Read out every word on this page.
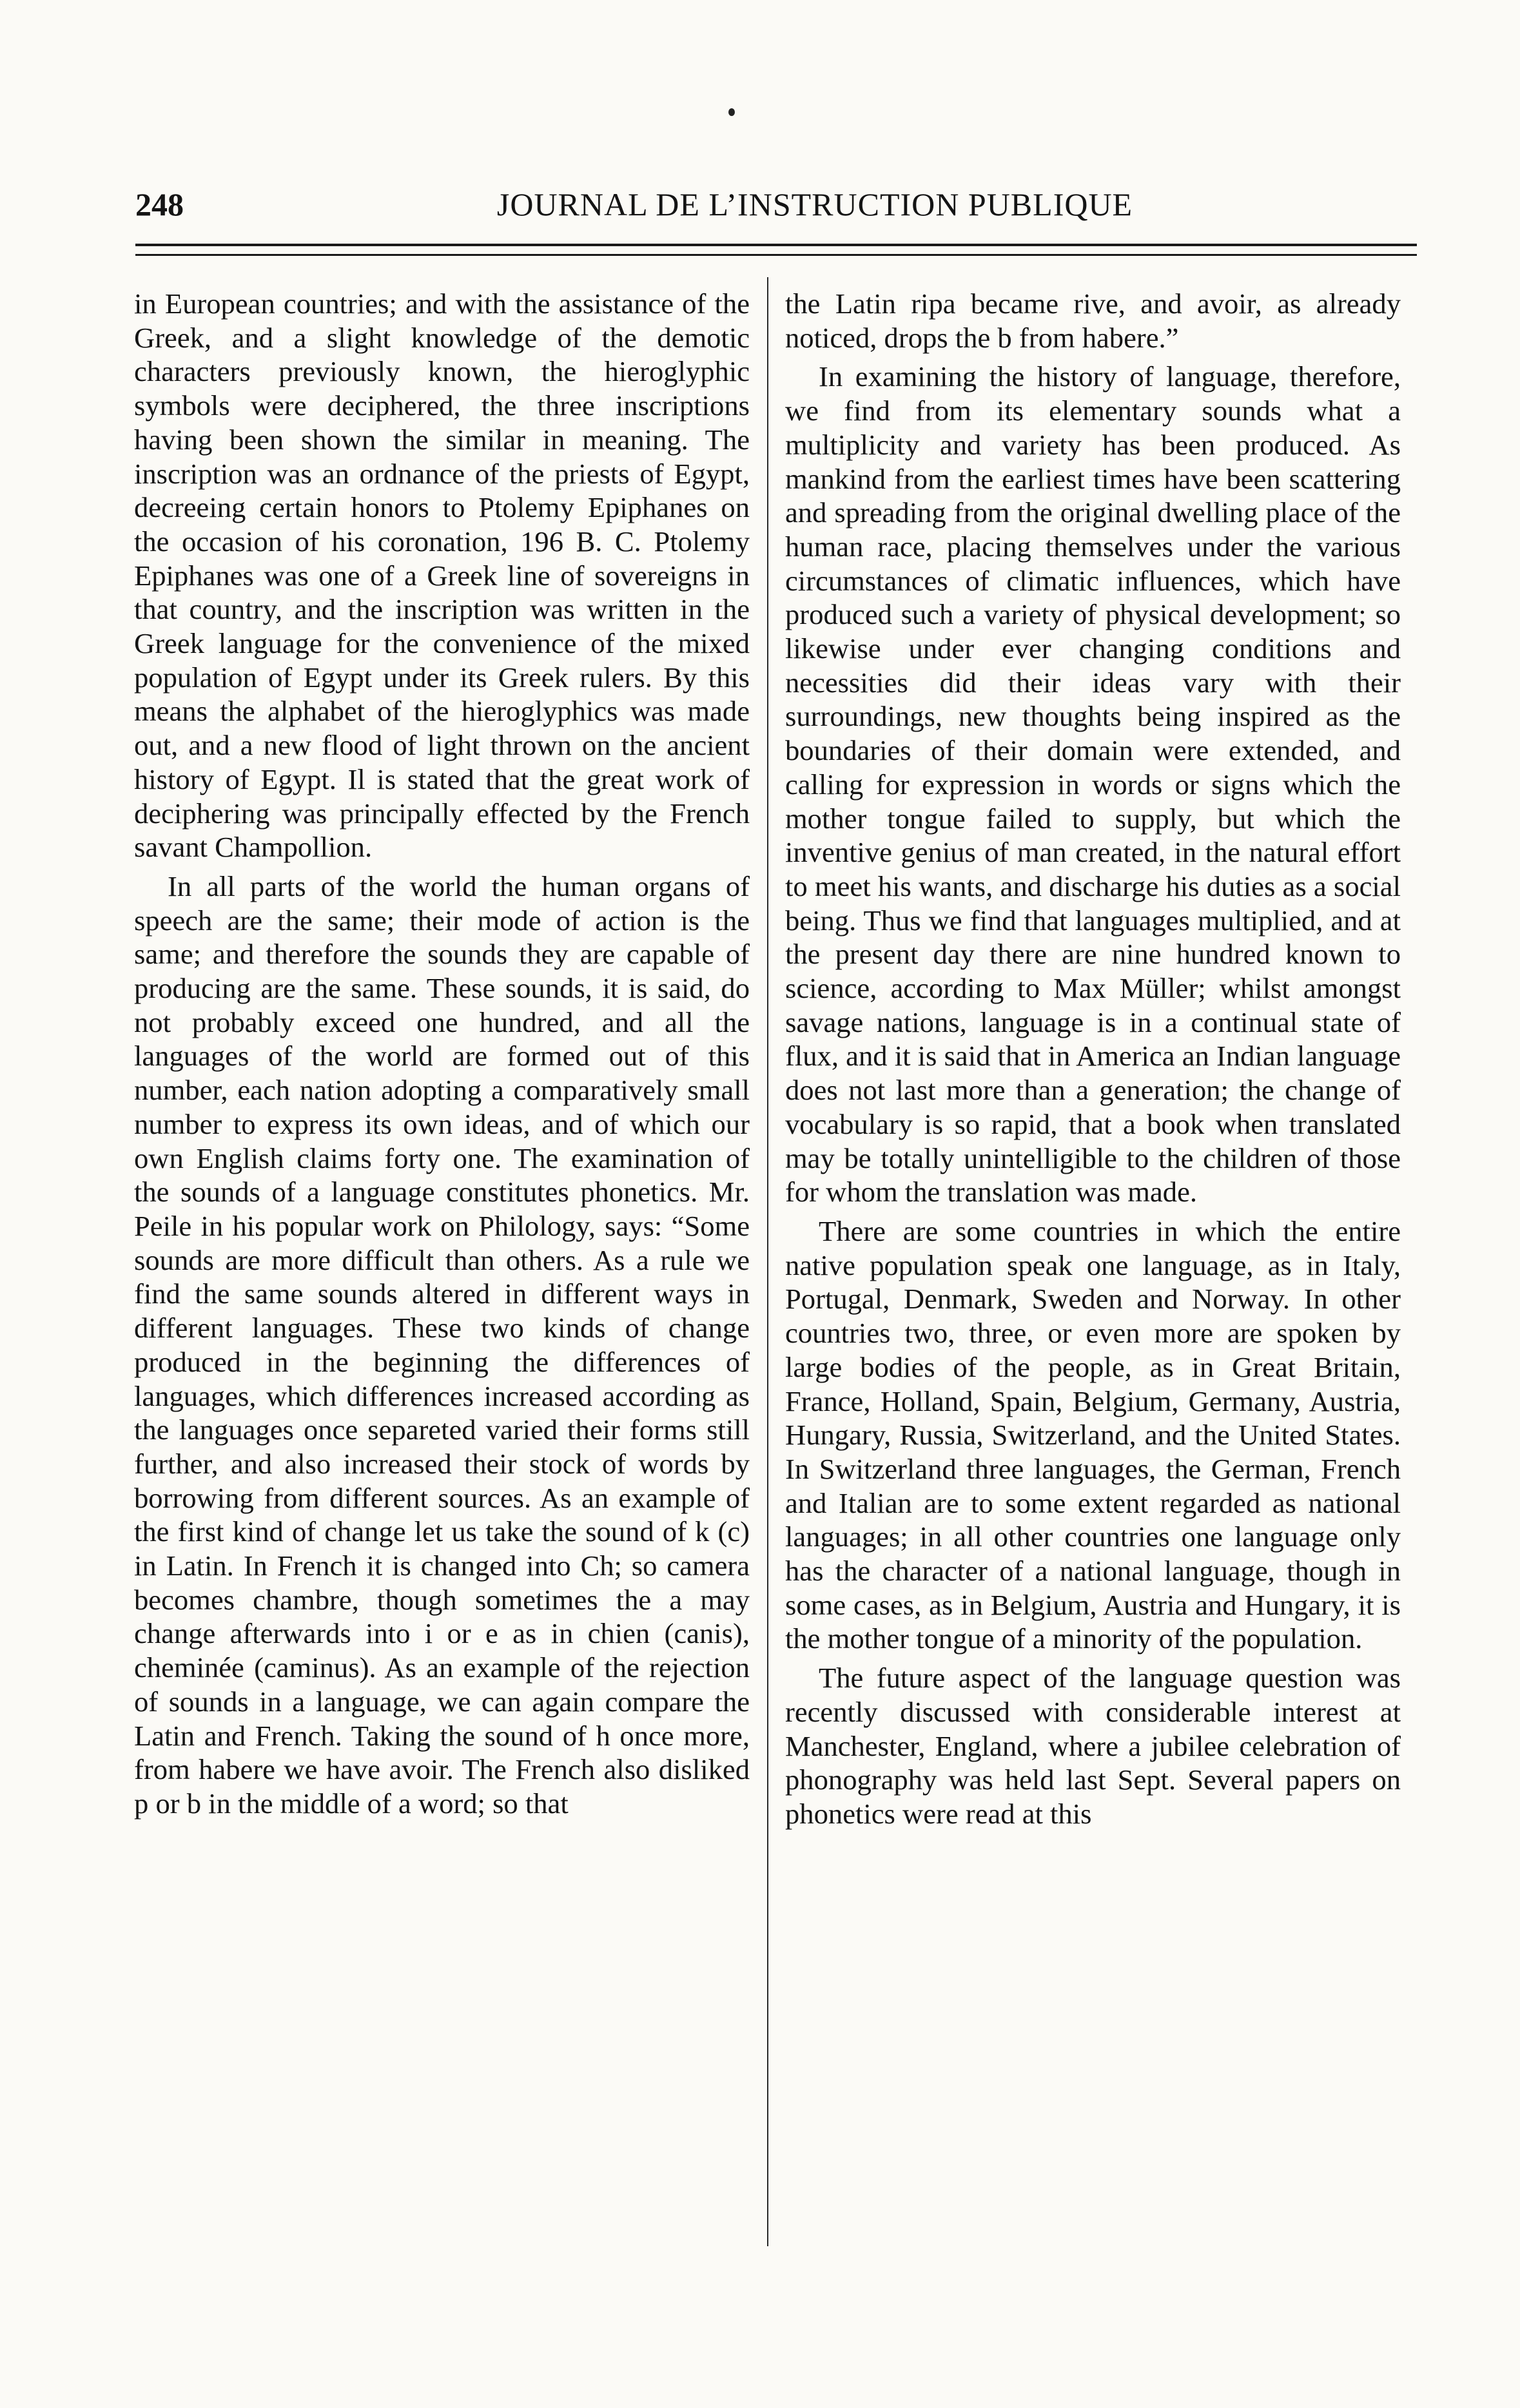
248	JOURNAL DE L’INSTRUCTION PUBLIQUE

in European countries; and with the assistance of the Greek, and a slight knowledge of the demotic characters previously known, the hieroglyphic symbols were deciphered, the three inscriptions having been shown the similar in meaning. The inscription was an ordnance of the priests of Egypt, decreeing certain honors to Ptolemy Epiphanes on the occasion of his coronation, 196 B. C. Ptolemy Epiphanes was one of a Greek line of sovereigns in that country, and the inscription was written in the Greek language for the convenience of the mixed population of Egypt under its Greek rulers. By this means the alphabet of the hieroglyphics was made out, and a new flood of light thrown on the ancient history of Egypt. Il is stated that the great work of deciphering was principally effected by the French savant Champollion.

In all parts of the world the human organs of speech are the same; their mode of action is the same; and therefore the sounds they are capable of producing are the same. These sounds, it is said, do not probably exceed one hundred, and all the languages of the world are formed out of this number, each nation adopting a comparatively small number to express its own ideas, and of which our own English claims forty one. The examination of the sounds of a language constitutes phonetics. Mr. Peile in his popular work on Philology, says: “Some sounds are more difficult than others. As a rule we find the same sounds altered in different ways in different languages. These two kinds of change produced in the beginning the differences of languages, which differences increased according as the languages once separeted varied their forms still further, and also increased their stock of words by borrowing from different sources. As an example of the first kind of change let us take the sound of k (c) in Latin. In French it is changed into Ch; so camera becomes chambre, though sometimes the a may change afterwards into i or e as in chien (canis), cheminée (caminus). As an example of the rejection of sounds in a language, we can again compare the Latin and French. Taking the sound of h once more, from habere we have avoir. The French also disliked p or b in the middle of a word; so that

the Latin ripa became rive, and avoir, as already noticed, drops the b from habere.”

In examining the history of language, therefore, we find from its elementary sounds what a multiplicity and variety has been produced. As mankind from the earliest times have been scattering and spreading from the original dwelling place of the human race, placing themselves under the various circumstances of climatic influences, which have produced such a variety of physical development; so likewise under ever changing conditions and necessities did their ideas vary with their surroundings, new thoughts being inspired as the boundaries of their domain were extended, and calling for expression in words or signs which the mother tongue failed to supply, but which the inventive genius of man created, in the natural effort to meet his wants, and discharge his duties as a social being. Thus we find that languages multiplied, and at the present day there are nine hundred known to science, according to Max Müller; whilst amongst savage nations, language is in a continual state of flux, and it is said that in America an Indian language does not last more than a generation; the change of vocabulary is so rapid, that a book when translated may be totally unintelligible to the children of those for whom the translation was made.

There are some countries in which the entire native population speak one language, as in Italy, Portugal, Denmark, Sweden and Norway. In other countries two, three, or even more are spoken by large bodies of the people, as in Great Britain, France, Holland, Spain, Belgium, Germany, Austria, Hungary, Russia, Switzerland, and the United States. In Switzerland three languages, the German, French and Italian are to some extent regarded as national languages; in all other countries one language only has the character of a national language, though in some cases, as in Belgium, Austria and Hungary, it is the mother tongue of a minority of the population.

The future aspect of the language question was recently discussed with considerable interest at Manchester, England, where a jubilee celebration of phonography was held last Sept. Several papers on phonetics were read at this
